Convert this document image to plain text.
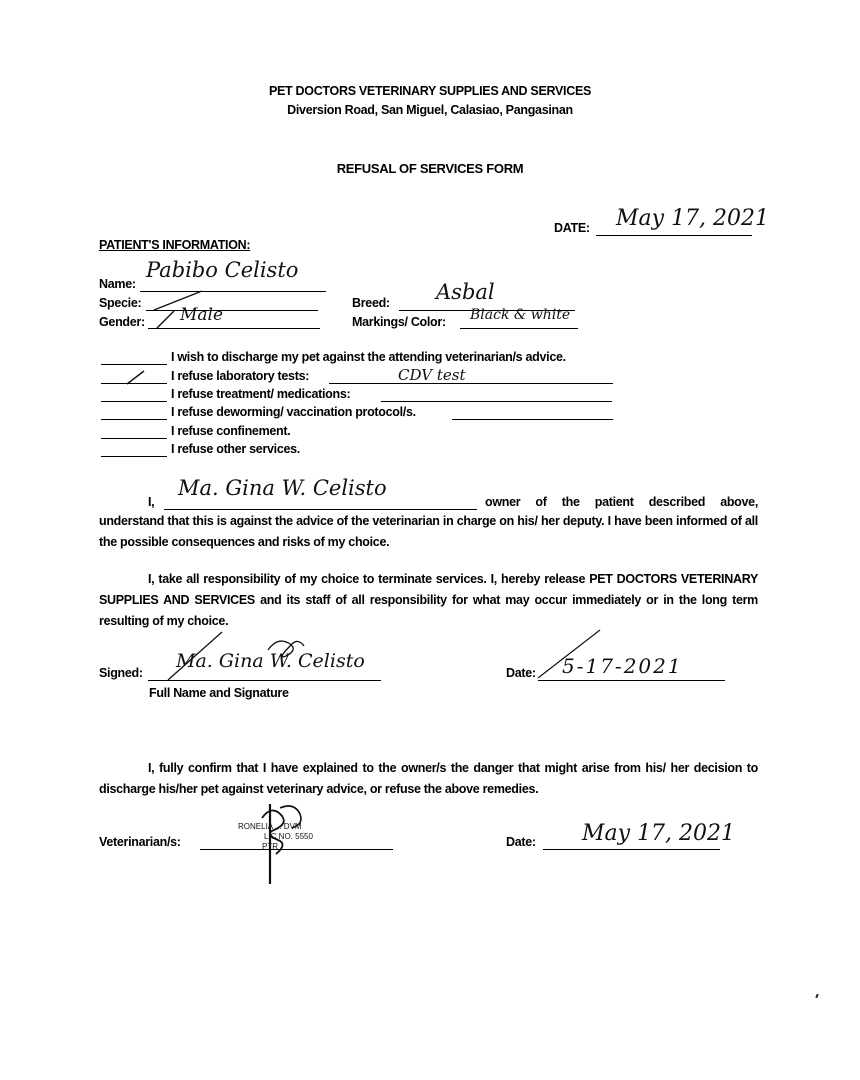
PET DOCTORS VETERINARY SUPPLIES AND SERVICES
Diversion Road, San Miguel, Calasiao, Pangasinan
REFUSAL OF SERVICES FORM
DATE: May 17, 2021
PATIENT'S INFORMATION:
Name:
Pabibo Celisto
Specie:
Gender: Male
Breed: Asbal
Markings/ Color: Black & white
I wish to discharge my pet against the attending veterinarian/s advice.
I refuse laboratory tests:	CDV test
I refuse treatment/ medications:
I refuse deworming/ vaccination protocol/s.
I refuse confinement.
I refuse other services.
I,
Ma. Gina W. Celisto
owner of the patient described above,
understand that this is against the advice of the veterinarian in charge on his/ her deputy. I have been informed of all the possible consequences and risks of my choice.
I, take all responsibility of my choice to terminate services. I, hereby release PET DOCTORS VETERINARY SUPPLIES AND SERVICES and its staff of all responsibility for what may occur immediately or in the long term resulting of my choice.
Signed:
Ma. Gina W. Celisto
Full Name and Signature
Date: 5-17-2021
I, fully confirm that I have explained to the owner/s the danger that might arise from his/ her decision to discharge his/her pet against veterinary advice, or refuse the above remedies.
Veterinarian/s:
RONELIA ... DVM
LIC NO. 5550
PTR	Date: May 17, 2021
